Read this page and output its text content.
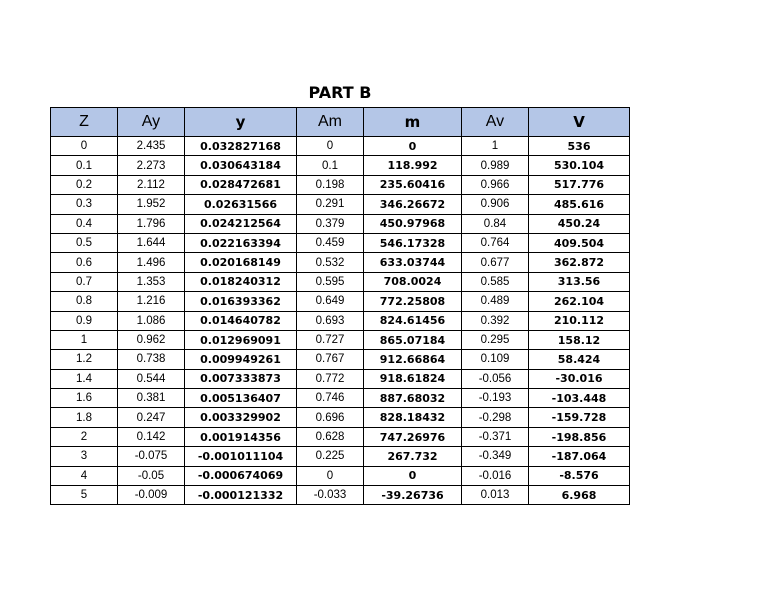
PART B
Z	Ay	y	Am	m	Av	V
0	2.435	0.032827168	0	0	1	536
0.1	2.273	0.030643184	0.1	118.992	0.989	530.104
0.2	2.112	0.028472681	0.198	235.60416	0.966	517.776
0.3	1.952	0.02631566	0.291	346.26672	0.906	485.616
0.4	1.796	0.024212564	0.379	450.97968	0.84	450.24
0.5	1.644	0.022163394	0.459	546.17328	0.764	409.504
0.6	1.496	0.020168149	0.532	633.03744	0.677	362.872
0.7	1.353	0.018240312	0.595	708.0024	0.585	313.56
0.8	1.216	0.016393362	0.649	772.25808	0.489	262.104
0.9	1.086	0.014640782	0.693	824.61456	0.392	210.112
1	0.962	0.012969091	0.727	865.07184	0.295	158.12
1.2	0.738	0.009949261	0.767	912.66864	0.109	58.424
1.4	0.544	0.007333873	0.772	918.61824	-0.056	-30.016
1.6	0.381	0.005136407	0.746	887.68032	-0.193	-103.448
1.8	0.247	0.003329902	0.696	828.18432	-0.298	-159.728
2	0.142	0.001914356	0.628	747.26976	-0.371	-198.856
3	-0.075	-0.001011104	0.225	267.732	-0.349	-187.064
4	-0.05	-0.000674069	0	0	-0.016	-8.576
5	-0.009	-0.000121332	-0.033	-39.26736	0.013	6.968
